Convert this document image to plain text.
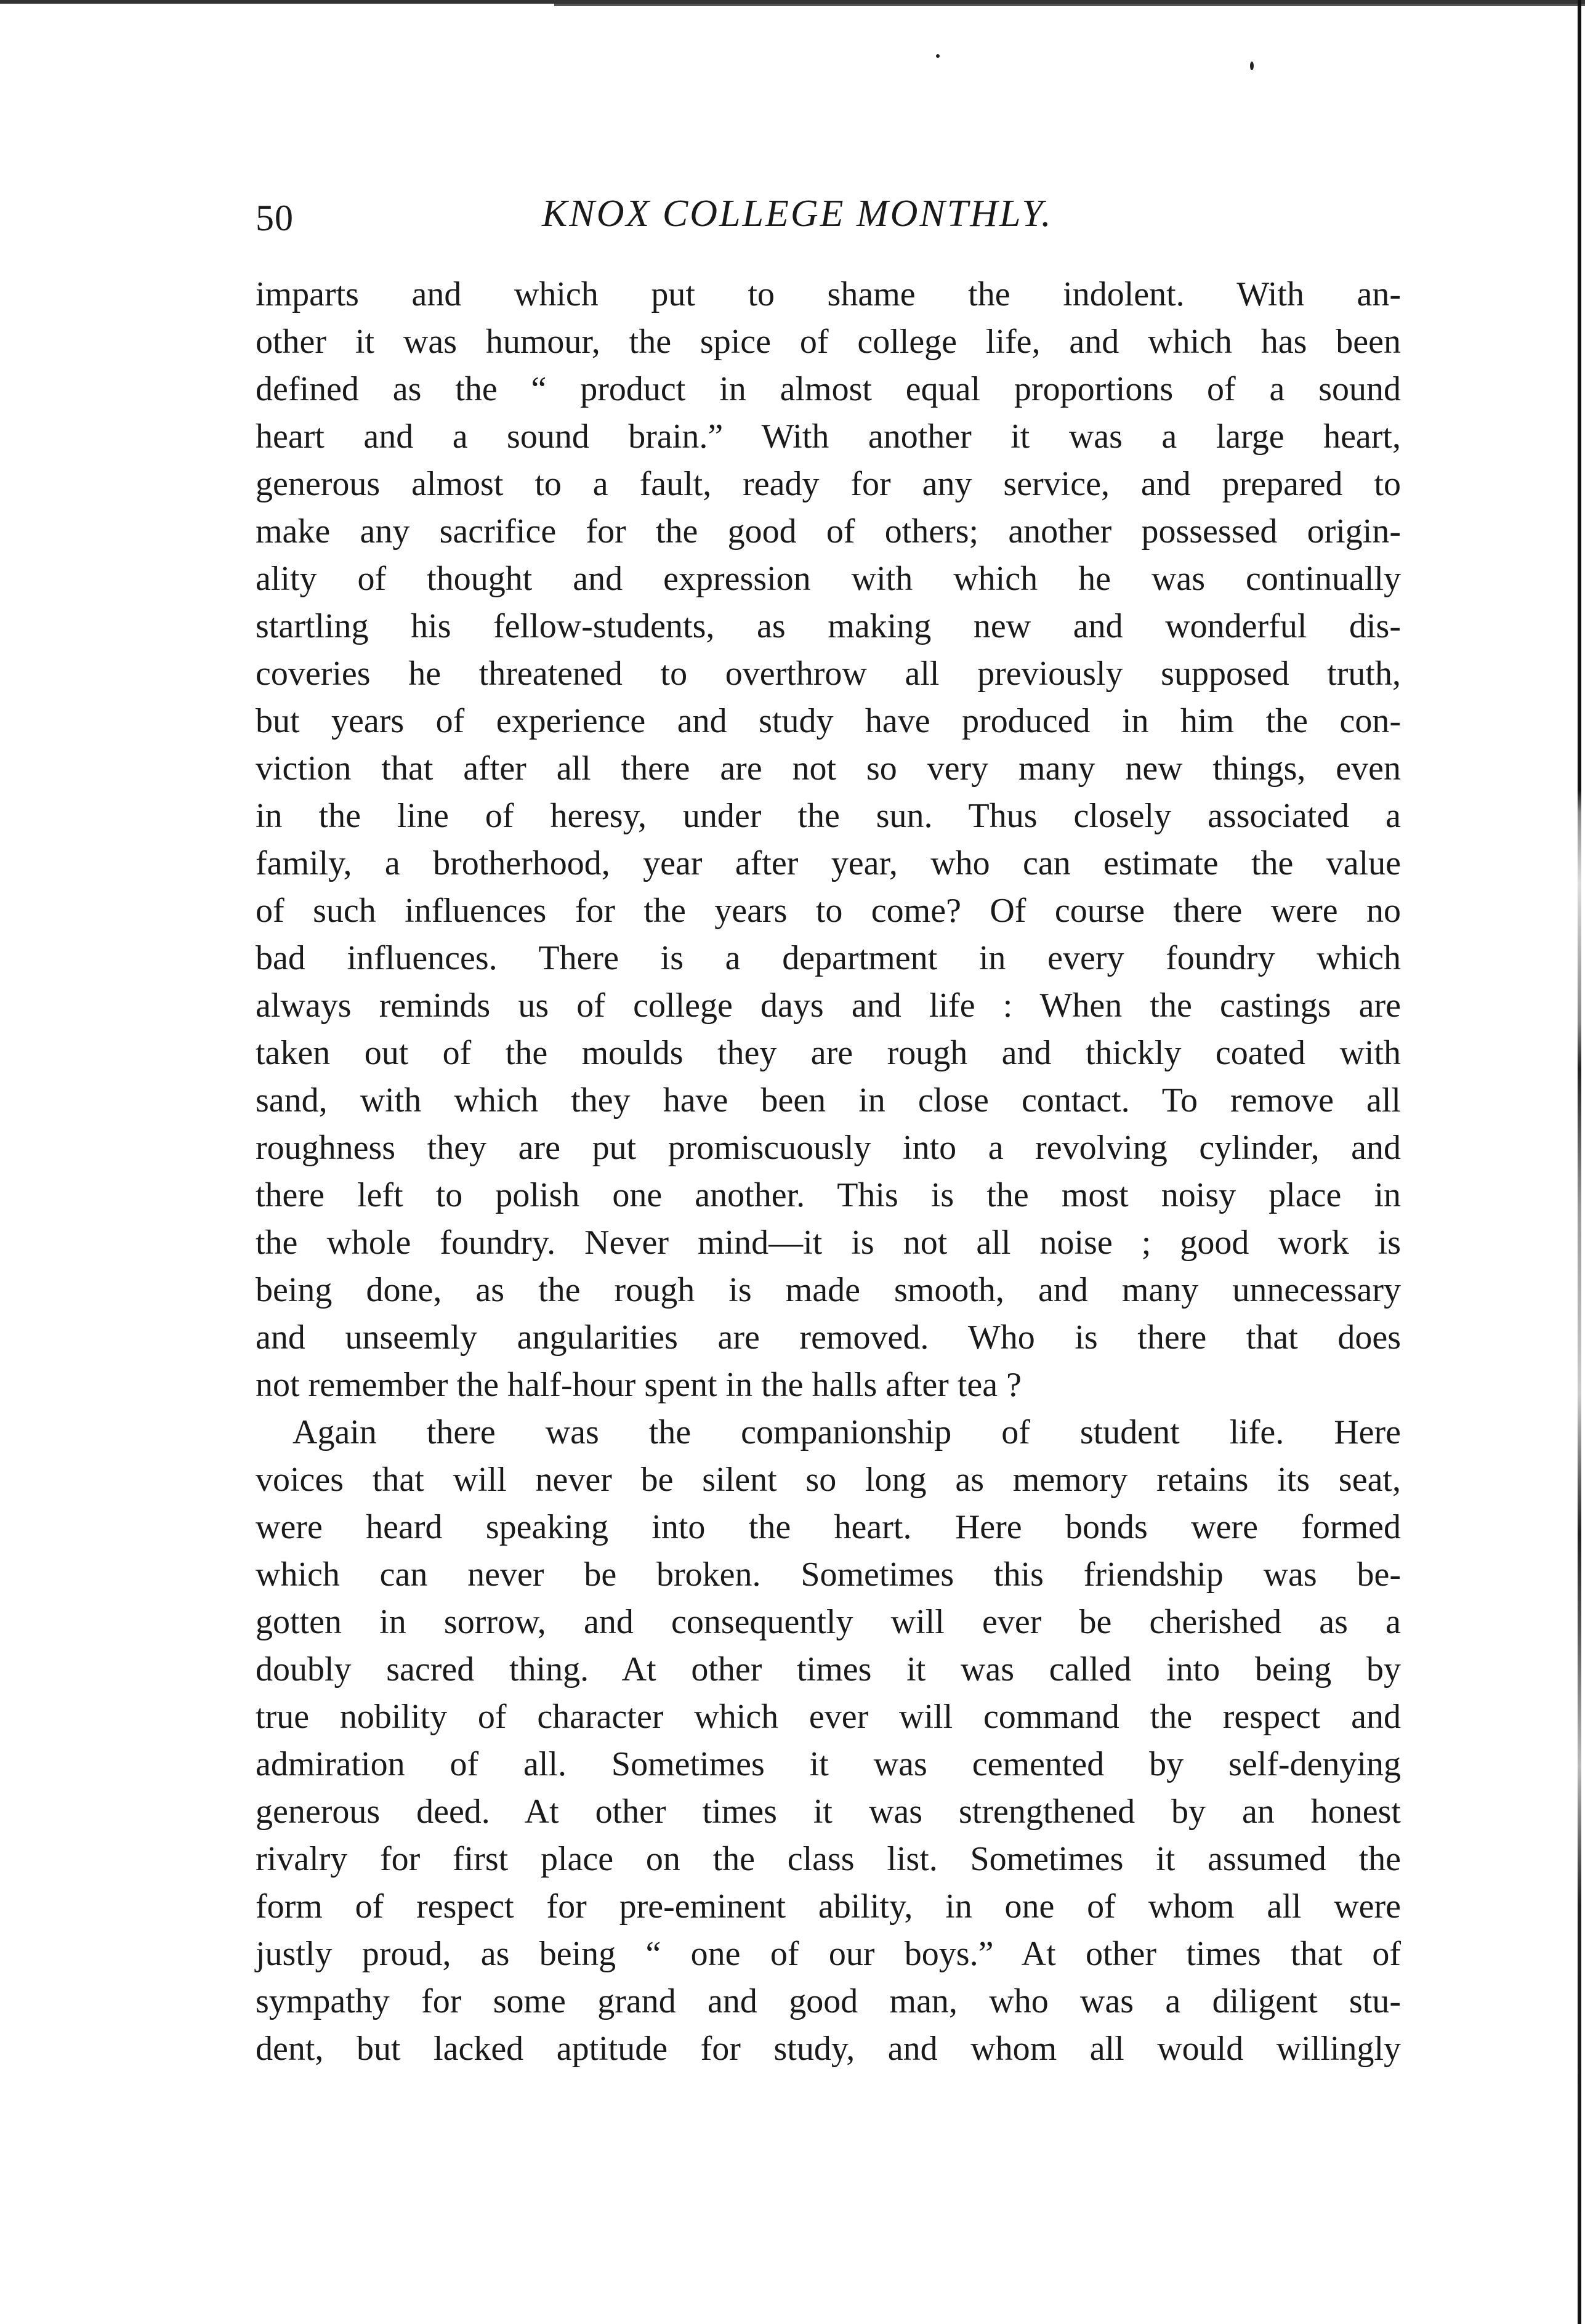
50	KNOX COLLEGE MONTHLY.
imparts and which put to shame the indolent. With an-
other it was humour, the spice of college life, and which has been
defined as the “ product in almost equal proportions of a sound
heart and a sound brain.” With another it was a large heart,
generous almost to a fault, ready for any service, and prepared to
make any sacrifice for the good of others; another possessed origin-
ality of thought and expression with which he was continually
startling his fellow-students, as making new and wonderful dis-
coveries he threatened to overthrow all previously supposed truth,
but years of experience and study have produced in him the con-
viction that after all there are not so very many new things, even
in the line of heresy, under the sun. Thus closely associated a
family, a brotherhood, year after year, who can estimate the value
of such influences for the years to come? Of course there were no
bad influences. There is a department in every foundry which
always reminds us of college days and life : When the castings are
taken out of the moulds they are rough and thickly coated with
sand, with which they have been in close contact. To remove all
roughness they are put promiscuously into a revolving cylinder, and
there left to polish one another. This is the most noisy place in
the whole foundry. Never mind—it is not all noise ; good work is
being done, as the rough is made smooth, and many unnecessary
and unseemly angularities are removed. Who is there that does
not remember the half-hour spent in the halls after tea ?
Again there was the companionship of student life. Here
voices that will never be silent so long as memory retains its seat,
were heard speaking into the heart. Here bonds were formed
which can never be broken. Sometimes this friendship was be-
gotten in sorrow, and consequently will ever be cherished as a
doubly sacred thing. At other times it was called into being by
true nobility of character which ever will command the respect and
admiration of all. Sometimes it was cemented by self-denying
generous deed. At other times it was strengthened by an honest
rivalry for first place on the class list. Sometimes it assumed the
form of respect for pre-eminent ability, in one of whom all were
justly proud, as being “ one of our boys.” At other times that of
sympathy for some grand and good man, who was a diligent stu-
dent, but lacked aptitude for study, and whom all would willingly
